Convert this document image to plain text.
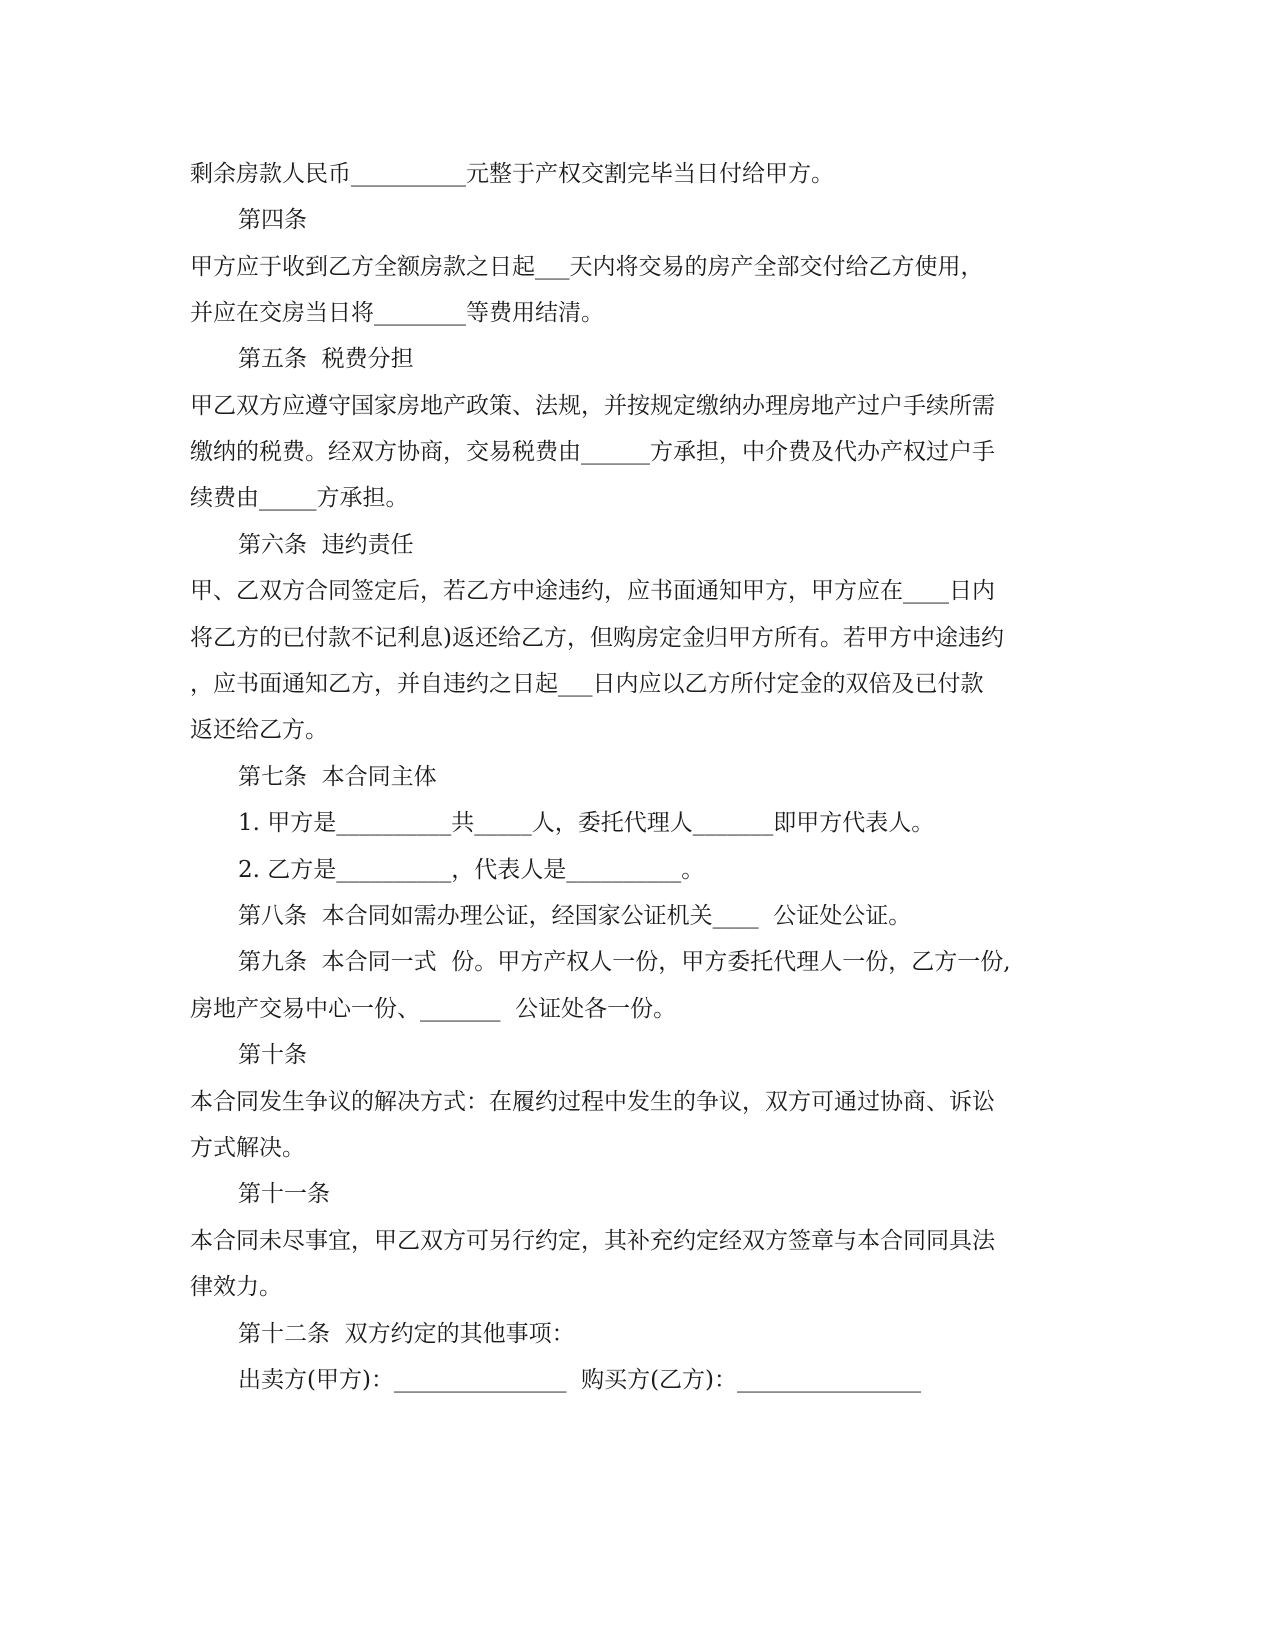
剩余房款人民币__________元整于产权交割完毕当日付给甲方。
第四条
甲方应于收到乙方全额房款之日起___天内将交易的房产全部交付给乙方使用，
并应在交房当日将________等费用结清。
第五条  税费分担
甲乙双方应遵守国家房地产政策、法规，并按规定缴纳办理房地产过户手续所需
缴纳的税费。经双方协商，交易税费由______方承担，中介费及代办产权过户手
续费由_____方承担。
第六条  违约责任
甲、乙双方合同签定后，若乙方中途违约，应书面通知甲方，甲方应在____日内
将乙方的已付款不记利息)返还给乙方，但购房定金归甲方所有。若甲方中途违约
，应书面通知乙方，并自违约之日起___日内应以乙方所付定金的双倍及已付款
返还给乙方。
第七条  本合同主体
1. 甲方是__________共_____人，委托代理人_______即甲方代表人。
2. 乙方是__________，代表人是__________。
第八条  本合同如需办理公证，经国家公证机关____  公证处公证。
第九条  本合同一式  份。甲方产权人一份，甲方委托代理人一份，乙方一份,
房地产交易中心一份、_______  公证处各一份。
第十条
本合同发生争议的解决方式：在履约过程中发生的争议，双方可通过协商、诉讼
方式解决。
第十一条
本合同未尽事宜，甲乙双方可另行约定，其补充约定经双方签章与本合同同具法
律效力。
第十二条  双方约定的其他事项：
出卖方(甲方)：_______________  购买方(乙方)：________________
